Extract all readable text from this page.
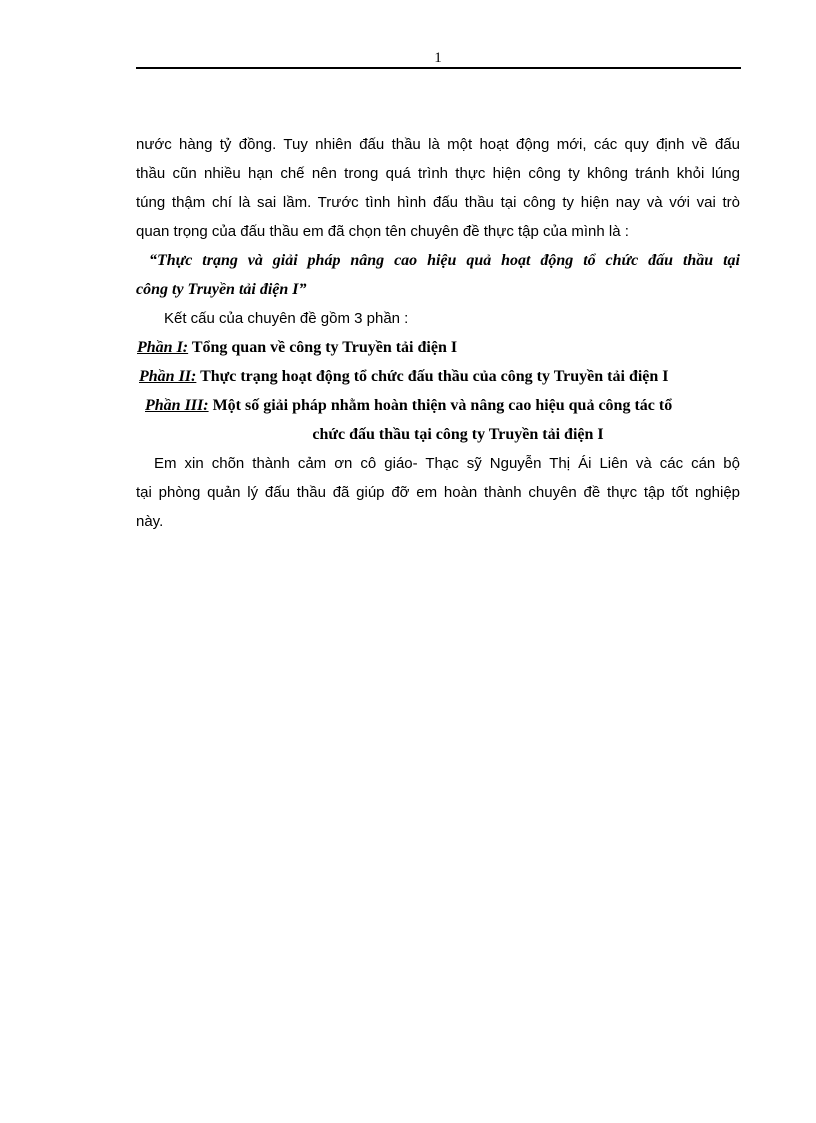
1

nước hàng tỷ đồng. Tuy nhiên đấu thầu là một hoạt động mới, các quy định về đấu
thầu cũn nhiều hạn chế nên trong quá trình thực hiện công ty không tránh khỏi lúng
túng thậm chí là sai lầm. Trước tình hình đấu thầu tại công ty hiện nay và với vai trò
quan trọng của đấu thầu em đã chọn tên chuyên đề thực tập của mình là :

“Thực trạng và giải pháp nâng cao hiệu quả hoạt động tổ chức đấu thầu tại
công ty Truyền tải điện I”

Kết cấu của chuyên đề gồm 3 phần :

Phần I: Tổng quan về công ty Truyền tải điện I

Phần II: Thực trạng hoạt động tổ chức đấu thầu của công ty Truyền tải điện I

Phần III: Một số giải pháp nhằm hoàn thiện và nâng cao hiệu quả công tác tổ

chức đấu thầu tại công ty Truyền tải điện I

Em xin chõn thành cảm ơn cô giáo- Thạc sỹ Nguyễn Thị Ái Liên và các cán bộ
tại phòng quản lý đấu thầu đã giúp đỡ em hoàn thành chuyên đề thực tập tốt nghiệp
này.
